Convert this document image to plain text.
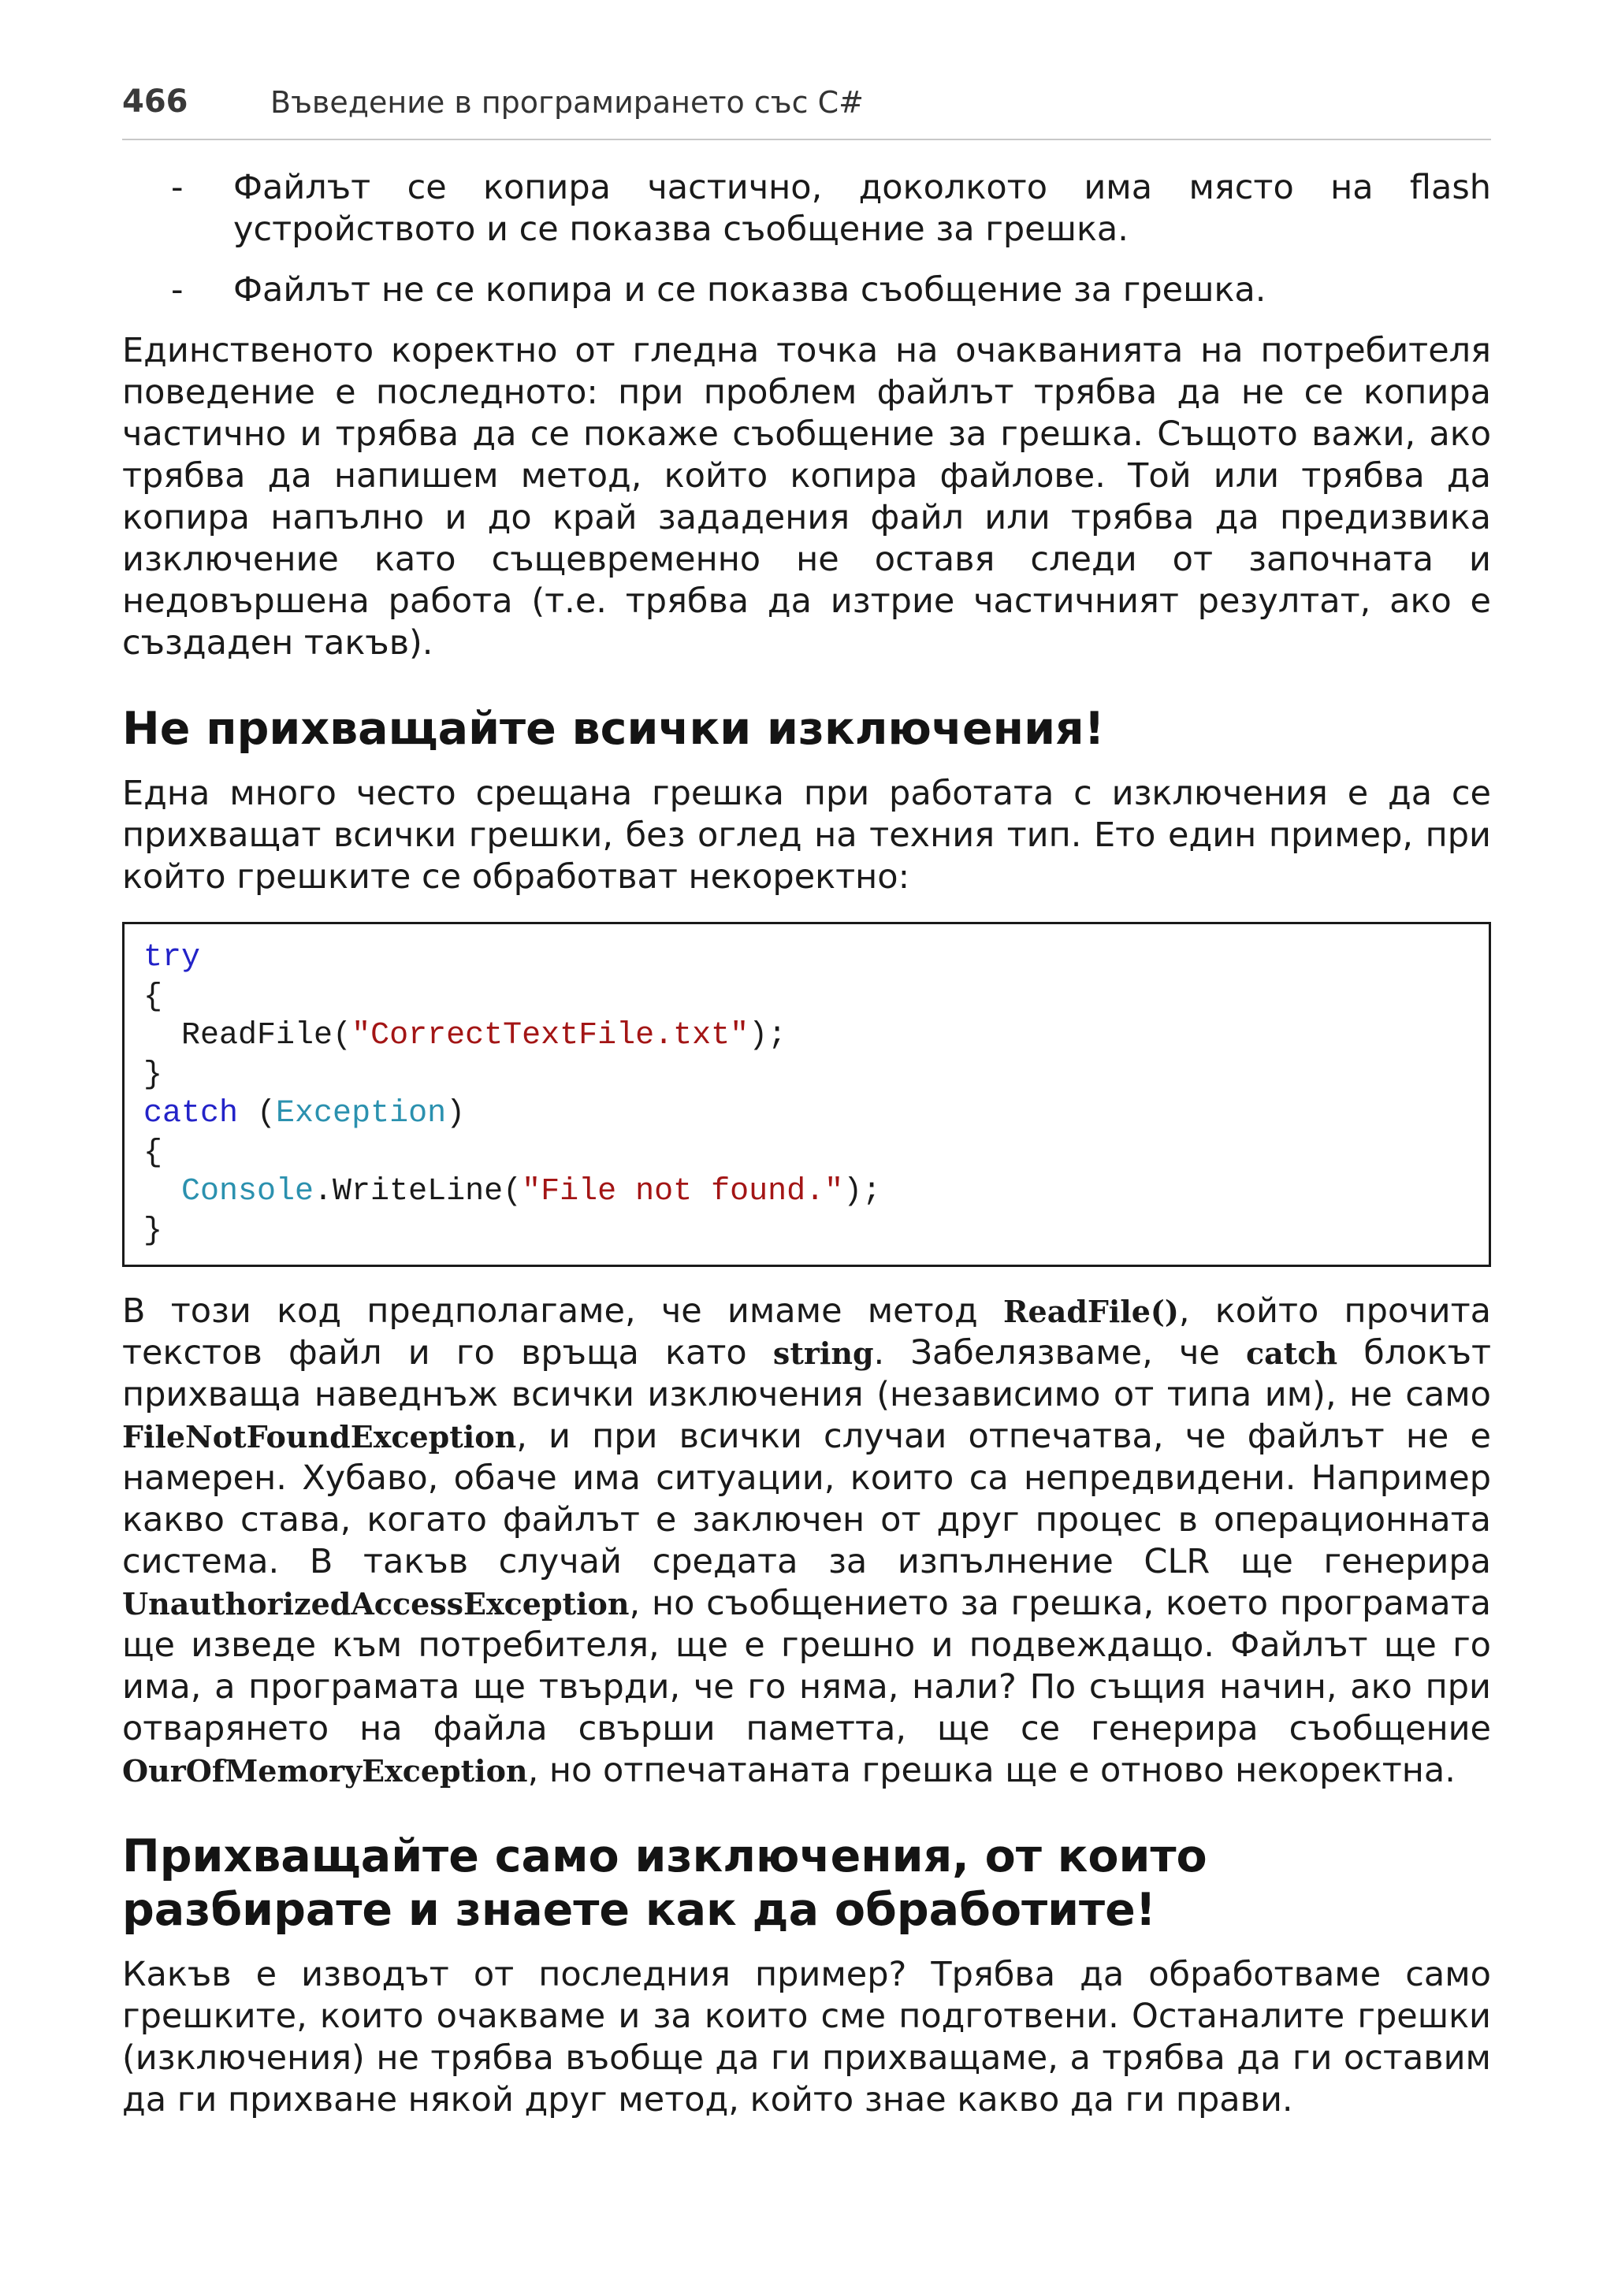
466	Въведение в програмирането със C#
- Файлът се копира частично, доколкото има място на flash устройството и се показва съобщение за грешка.
- Файлът не се копира и се показва съобщение за грешка.

Единственото коректно от гледна точка на очакванията на потребителя поведение е последното: при проблем файлът трябва да не се копира частично и трябва да се покаже съобщение за грешка. Същото важи, ако трябва да напишем метод, който копира файлове. Той или трябва да копира напълно и до край зададения файл или трябва да предизвика изключение като същевременно не оставя следи от започната и недовършена работа (т.е. трябва да изтрие частичният резултат, ако е създаден такъв).

Не прихващайте всички изключения!

Една много често срещана грешка при работата с изключения е да се прихващат всички грешки, без оглед на техния тип. Ето един пример, при който грешките се обработват некоректно:

try
{
ReadFile("CorrectTextFile.txt");
}
catch (Exception)
{
Console.WriteLine("File not found.");
}

В този код предполагаме, че имаме метод ReadFile(), който прочита текстов файл и го връща като string. Забелязваме, че catch блокът прихваща наведнъж всички изключения (независимо от типа им), не само FileNotFoundException, и при всички случаи отпечатва, че файлът не е намерен. Хубаво, обаче има ситуации, които са непредвидени. Например какво става, когато файлът е заключен от друг процес в операционната система. В такъв случай средата за изпълнение CLR ще генерира UnauthorizedAccessException, но съобщението за грешка, което програмата ще изведе към потребителя, ще е грешно и подвеждащо. Файлът ще го има, а програмата ще твърди, че го няма, нали? По същия начин, ако при отварянето на файла свърши паметта, ще се генерира съобщение OurOfMemoryException, но отпечатаната грешка ще е отново некоректна.

Прихващайте само изключения, от които разбирате и знаете как да обработите!

Какъв е изводът от последния пример? Трябва да обработваме само грешките, които очакваме и за които сме подготвени. Останалите грешки (изключения) не трябва въобще да ги прихващаме, а трябва да ги оставим да ги прихване някой друг метод, който знае какво да ги прави.
